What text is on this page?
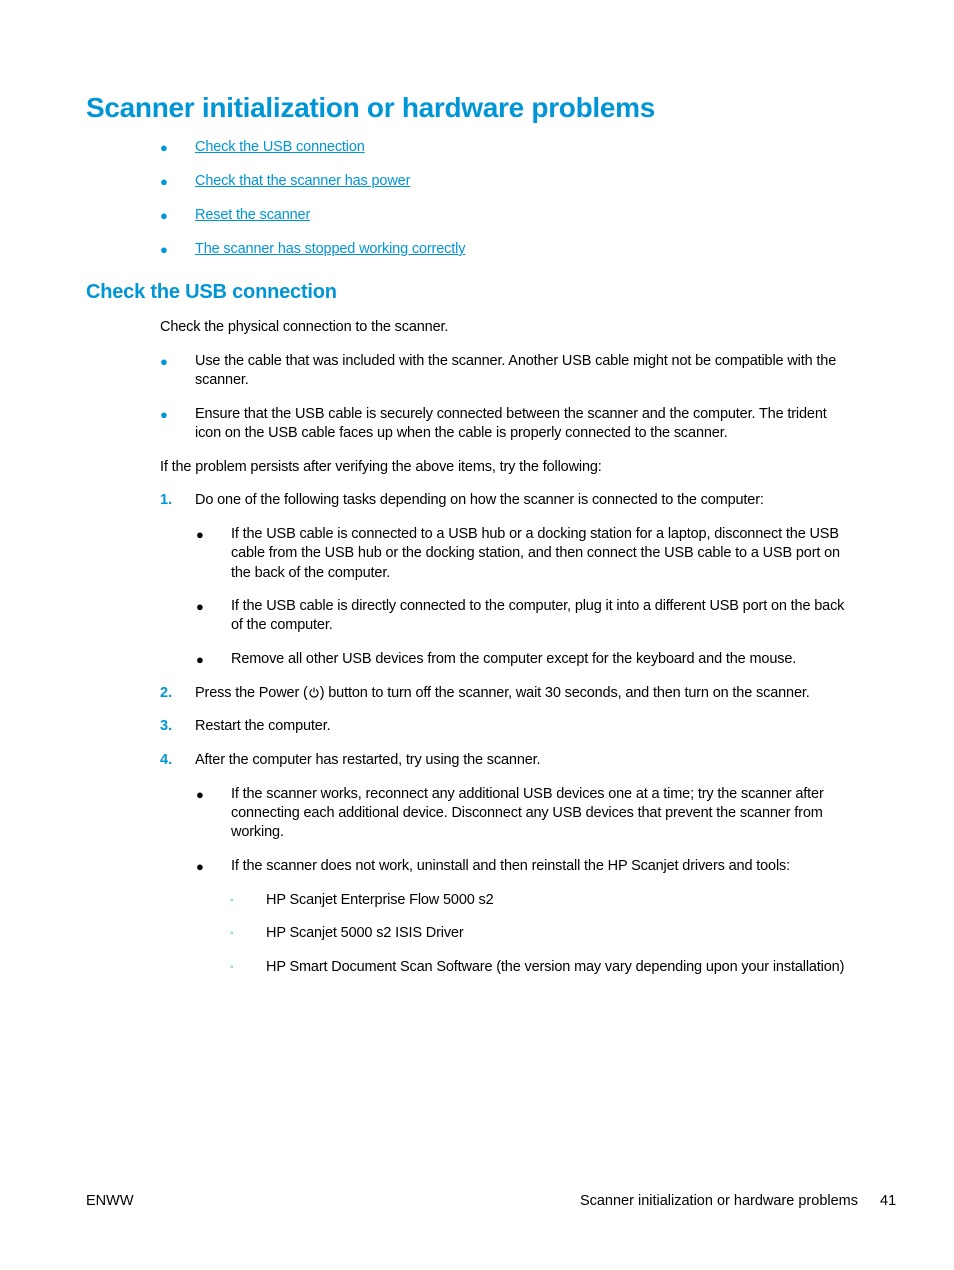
Scanner initialization or hardware problems
● Check the USB connection
● Check that the scanner has power
● Reset the scanner
● The scanner has stopped working correctly
Check the USB connection
Check the physical connection to the scanner.
● Use the cable that was included with the scanner. Another USB cable might not be compatible with the
scanner.
● Ensure that the USB cable is securely connected between the scanner and the computer. The trident
icon on the USB cable faces up when the cable is properly connected to the scanner.
If the problem persists after verifying the above items, try the following:
1. Do one of the following tasks depending on how the scanner is connected to the computer:
● If the USB cable is connected to a USB hub or a docking station for a laptop, disconnect the USB
cable from the USB hub or the docking station, and then connect the USB cable to a USB port on
the back of the computer.
● If the USB cable is directly connected to the computer, plug it into a different USB port on the back
of the computer.
● Remove all other USB devices from the computer except for the keyboard and the mouse.
2. Press the Power ( ) button to turn off the scanner, wait 30 seconds, and then turn on the scanner.
3. Restart the computer.
4. After the computer has restarted, try using the scanner.
● If the scanner works, reconnect any additional USB devices one at a time; try the scanner after
connecting each additional device. Disconnect any USB devices that prevent the scanner from
working.
● If the scanner does not work, uninstall and then reinstall the HP Scanjet drivers and tools:
◦ HP Scanjet Enterprise Flow 5000 s2
◦ HP Scanjet 5000 s2 ISIS Driver
◦ HP Smart Document Scan Software (the version may vary depending upon your installation)
ENWW	Scanner initialization or hardware problems 41
